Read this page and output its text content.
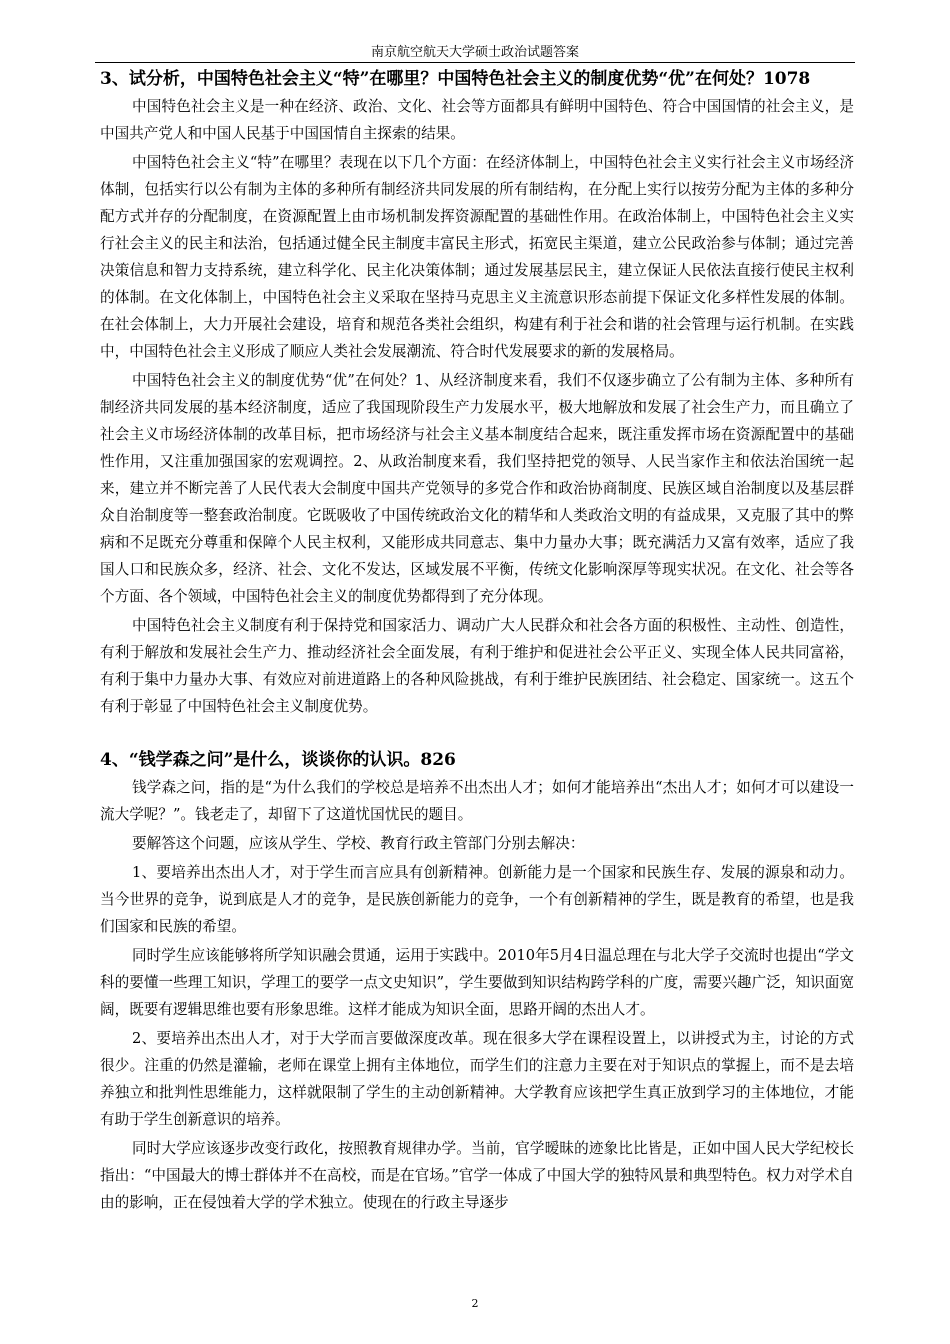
南京航空航天大学硕士政治试题答案

3、试分析，中国特色社会主义“特”在哪里？中国特色社会主义的制度优势“优”在何处？1078

中国特色社会主义是一种在经济、政治、文化、社会等方面都具有鲜明中国特色、符合中国国情的社会主义，是中国共产党人和中国人民基于中国国情自主探索的结果。

中国特色社会主义“特”在哪里？表现在以下几个方面：在经济体制上，中国特色社会主义实行社会主义市场经济体制，包括实行以公有制为主体的多种所有制经济共同发展的所有制结构，在分配上实行以按劳分配为主体的多种分配方式并存的分配制度，在资源配置上由市场机制发挥资源配置的基础性作用。在政治体制上，中国特色社会主义实行社会主义的民主和法治，包括通过健全民主制度丰富民主形式，拓宽民主渠道，建立公民政治参与体制；通过完善决策信息和智力支持系统，建立科学化、民主化决策体制；通过发展基层民主，建立保证人民依法直接行使民主权利的体制。在文化体制上，中国特色社会主义采取在坚持马克思主义主流意识形态前提下保证文化多样性发展的体制。在社会体制上，大力开展社会建设，培育和规范各类社会组织，构建有利于社会和谐的社会管理与运行机制。在实践中，中国特色社会主义形成了顺应人类社会发展潮流、符合时代发展要求的新的发展格局。

中国特色社会主义的制度优势“优”在何处？1、从经济制度来看，我们不仅逐步确立了公有制为主体、多种所有制经济共同发展的基本经济制度，适应了我国现阶段生产力发展水平，极大地解放和发展了社会生产力，而且确立了社会主义市场经济体制的改革目标，把市场经济与社会主义基本制度结合起来，既注重发挥市场在资源配置中的基础性作用，又注重加强国家的宏观调控。2、从政治制度来看，我们坚持把党的领导、人民当家作主和依法治国统一起来，建立并不断完善了人民代表大会制度中国共产党领导的多党合作和政治协商制度、民族区域自治制度以及基层群众自治制度等一整套政治制度。它既吸收了中国传统政治文化的精华和人类政治文明的有益成果，又克服了其中的弊病和不足既充分尊重和保障个人民主权利，又能形成共同意志、集中力量办大事；既充满活力又富有效率，适应了我国人口和民族众多，经济、社会、文化不发达，区域发展不平衡，传统文化影响深厚等现实状况。在文化、社会等各个方面、各个领域，中国特色社会主义的制度优势都得到了充分体现。

中国特色社会主义制度有利于保持党和国家活力、调动广大人民群众和社会各方面的积极性、主动性、创造性，有利于解放和发展社会生产力、推动经济社会全面发展，有利于维护和促进社会公平正义、实现全体人民共同富裕，有利于集中力量办大事、有效应对前进道路上的各种风险挑战，有利于维护民族团结、社会稳定、国家统一。这五个有利于彰显了中国特色社会主义制度优势。

4、“钱学森之问”是什么，谈谈你的认识。826

钱学森之问，指的是“为什么我们的学校总是培养不出杰出人才；如何才能培养出“杰出人才；如何才可以建设一流大学呢？”。钱老走了，却留下了这道忧国忧民的题目。

要解答这个问题，应该从学生、学校、教育行政主管部门分别去解决：

1、要培养出杰出人才，对于学生而言应具有创新精神。创新能力是一个国家和民族生存、发展的源泉和动力。当今世界的竞争，说到底是人才的竞争，是民族创新能力的竞争，一个有创新精神的学生，既是教育的希望，也是我们国家和民族的希望。

同时学生应该能够将所学知识融会贯通，运用于实践中。2010年5月4日温总理在与北大学子交流时也提出“学文科的要懂一些理工知识，学理工的要学一点文史知识”，学生要做到知识结构跨学科的广度，需要兴趣广泛，知识面宽阔，既要有逻辑思维也要有形象思维。这样才能成为知识全面，思路开阔的杰出人才。

2、要培养出杰出人才，对于大学而言要做深度改革。现在很多大学在课程设置上，以讲授式为主，讨论的方式很少。注重的仍然是灌输，老师在课堂上拥有主体地位，而学生们的注意力主要在对于知识点的掌握上，而不是去培养独立和批判性思维能力，这样就限制了学生的主动创新精神。大学教育应该把学生真正放到学习的主体地位，才能有助于学生创新意识的培养。

同时大学应该逐步改变行政化，按照教育规律办学。当前，官学暧昧的迹象比比皆是，正如中国人民大学纪校长指出：“中国最大的博士群体并不在高校，而是在官场。”官学一体成了中国大学的独特风景和典型特色。权力对学术自由的影响，正在侵蚀着大学的学术独立。使现在的行政主导逐步

2
